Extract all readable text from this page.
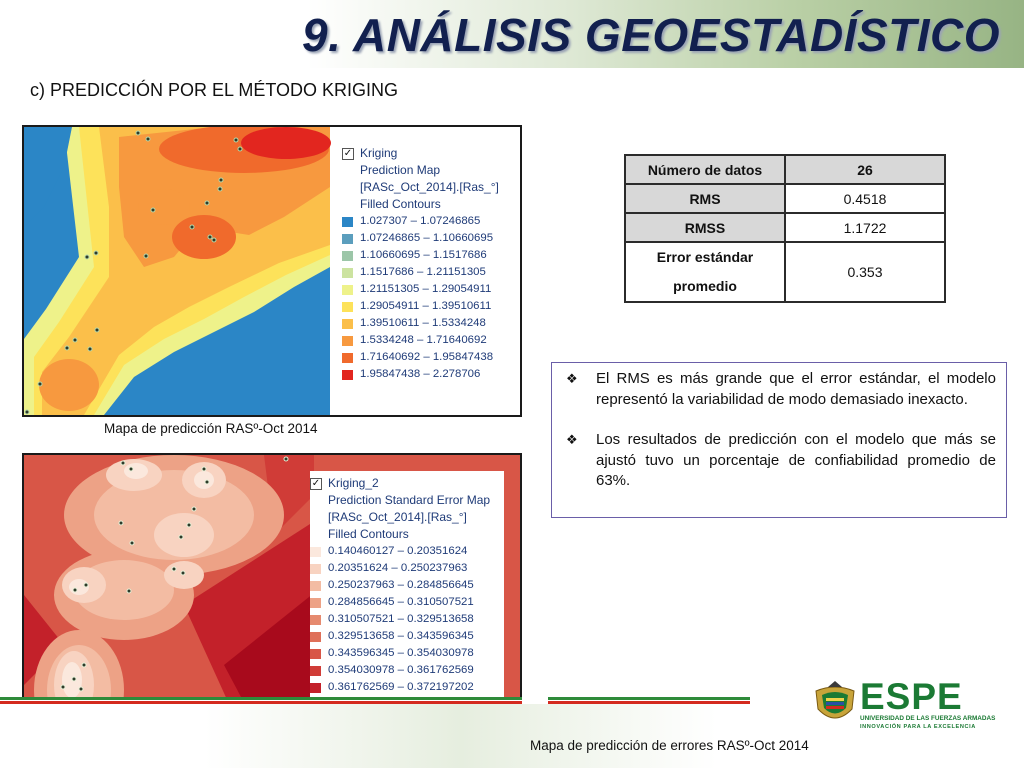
9. ANÁLISIS GEOESTADÍSTICO
c) PREDICCIÓN POR EL MÉTODO KRIGING
✓ Kriging
Prediction Map
[RASc_Oct_2014].[Ras_°]
Filled Contours
1.027307 – 1.07246865
1.07246865 – 1.10660695
1.10660695 – 1.1517686
1.1517686 – 1.21151305
1.21151305 – 1.29054911
1.29054911 – 1.39510611
1.39510611 – 1.5334248
1.5334248 – 1.71640692
1.71640692 – 1.95847438
1.95847438 – 2.278706
Mapa de predicción RASº-Oct 2014
✓ Kriging_2
Prediction Standard Error Map
[RASc_Oct_2014].[Ras_°]
Filled Contours
0.140460127 – 0.20351624
0.20351624 – 0.250237963
0.250237963 – 0.284856645
0.284856645 – 0.310507521
0.310507521 – 0.329513658
0.329513658 – 0.343596345
0.343596345 – 0.354030978
0.354030978 – 0.361762569
0.361762569 – 0.372197202
Número de datos	26
RMS	0.4518
RMSS	1.1722
Error estándar promedio	0.353
❖ El RMS es más grande que el error estándar, el modelo representó la variabilidad de modo demasiado inexacto.
❖ Los resultados de predicción con el modelo que más se ajustó tuvo un porcentaje de confiabilidad promedio de 63%.
Mapa de predicción de errores RASº-Oct 2014
ESPE
UNIVERSIDAD DE LAS FUERZAS ARMADAS
INNOVACIÓN PARA LA EXCELENCIA
